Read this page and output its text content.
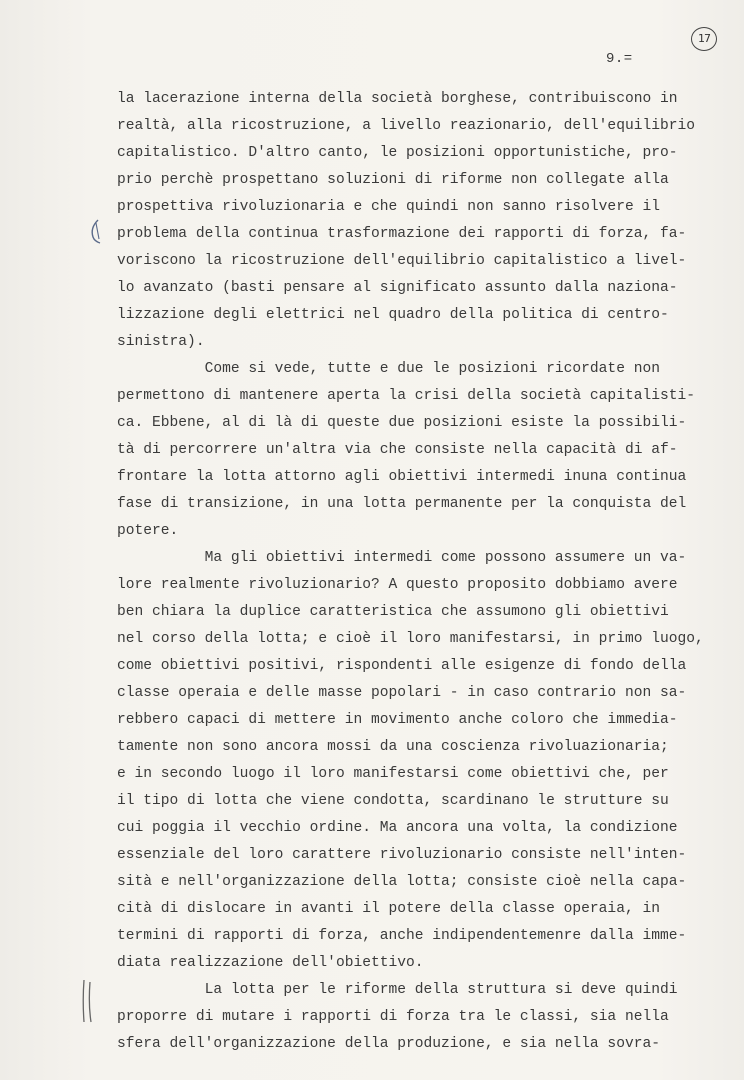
17
9.=
la lacerazione interna della società borghese, contribuiscono in
realtà, alla ricostruzione, a livello reazionario, dell'equilibrio
capitalistico. D'altro canto, le posizioni opportunistiche, pro-
prio perchè prospettano soluzioni di riforme non collegate alla
prospettiva rivoluzionaria e che quindi non sanno risolvere il
problema della continua trasformazione dei rapporti di forza, fa-
voriscono la ricostruzione dell'equilibrio capitalistico a livel-
lo avanzato (basti pensare al significato assunto dalla naziona-
lizzazione degli elettrici nel quadro della politica di centro-
sinistra).
Come si vede, tutte e due le posizioni ricordate non
permettono di mantenere aperta la crisi della società capitalisti-
ca. Ebbene, al di là di queste due posizioni esiste la possibili-
tà di percorrere un'altra via che consiste nella capacità di af-
frontare la lotta attorno agli obiettivi intermedi inuna continua
fase di transizione, in una lotta permanente per la conquista del
potere.
Ma gli obiettivi intermedi come possono assumere un va-
lore realmente rivoluzionario? A questo proposito dobbiamo avere
ben chiara la duplice caratteristica che assumono gli obiettivi
nel corso della lotta; e cioè il loro manifestarsi, in primo luogo,
come obiettivi positivi, rispondenti alle esigenze di fondo della
classe operaia e delle masse popolari - in caso contrario non sa-
rebbero capaci di mettere in movimento anche coloro che immedia-
tamente non sono ancora mossi da una coscienza rivoluazionaria;
e in secondo luogo il loro manifestarsi come obiettivi che, per
il tipo di lotta che viene condotta, scardinano le strutture su
cui poggia il vecchio ordine. Ma ancora una volta, la condizione
essenziale del loro carattere rivoluzionario consiste nell'inten-
sità e nell'organizzazione della lotta; consiste cioè nella capa-
cità di dislocare in avanti il potere della classe operaia, in
termini di rapporti di forza, anche indipendentemenre dalla imme-
diata realizzazione dell'obiettivo.
La lotta per le riforme della struttura si deve quindi
proporre di mutare i rapporti di forza tra le classi, sia nella
sfera dell'organizzazione della produzione, e sia nella sovra-
